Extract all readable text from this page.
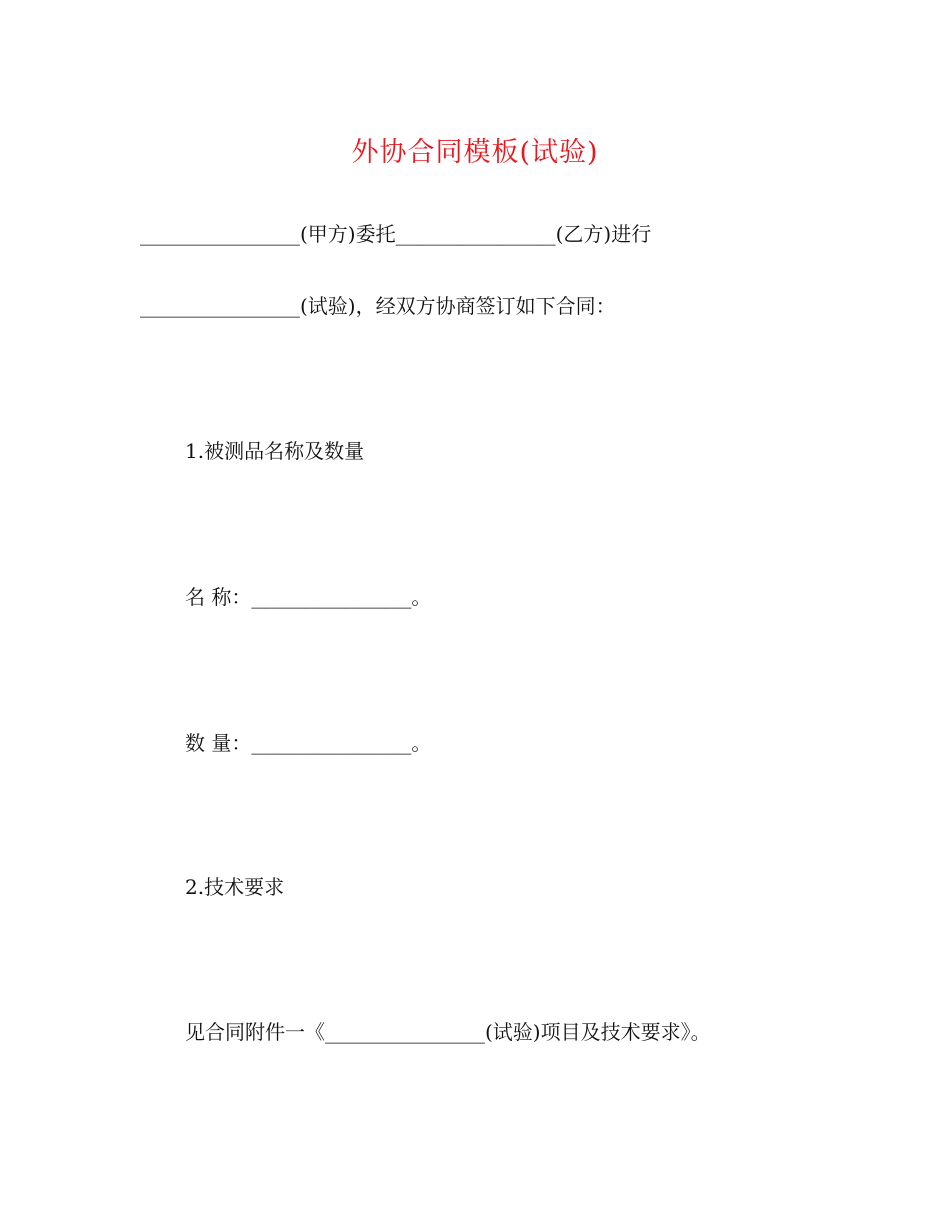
外协合同模板(试验)
________________(甲方)委托________________(乙方)进行
________________(试验)，经双方协商签订如下合同：
1.被测品名称及数量
名 称：________________。
数 量：________________。
2.技术要求
见合同附件一《________________(试验)项目及技术要求》。
